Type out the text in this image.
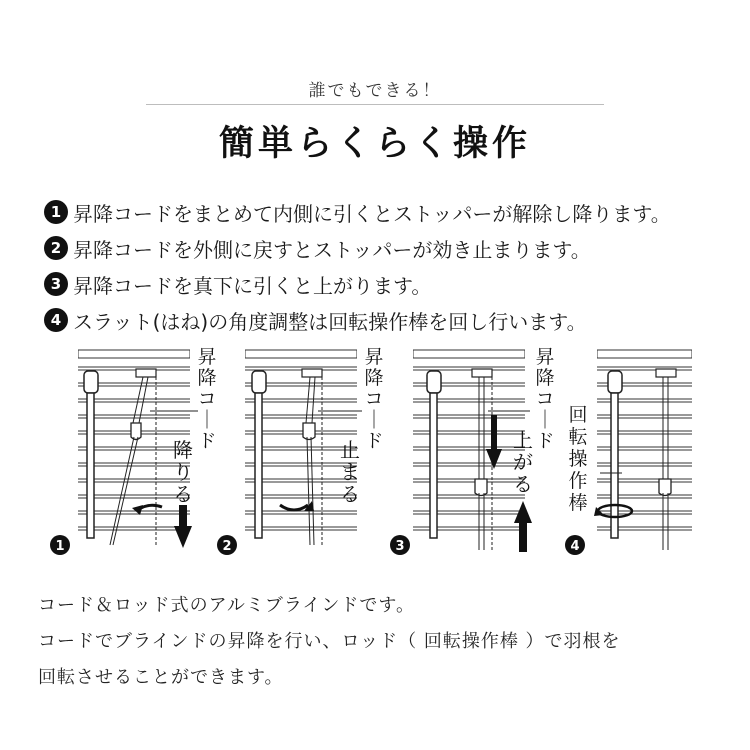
誰でもできる！
簡単らくらく操作
1 昇降コードをまとめて内側に引くとストッパーが解除し降ります。
2 昇降コードを外側に戻すとストッパーが効き止まります。
3 昇降コードを真下に引くと上がります。
4 スラット(はね)の角度調整は回転操作棒を回し行います。
昇降コ｜ド
降りる
1
昇降コ｜ド
止まる
2
昇降コ｜ド
上がる
3
回転操作棒
4
コード＆ロッド式のアルミブラインドです。
コードでブラインドの昇降を行い、ロッド（ 回転操作棒 ）で羽根を
回転させることができます。
